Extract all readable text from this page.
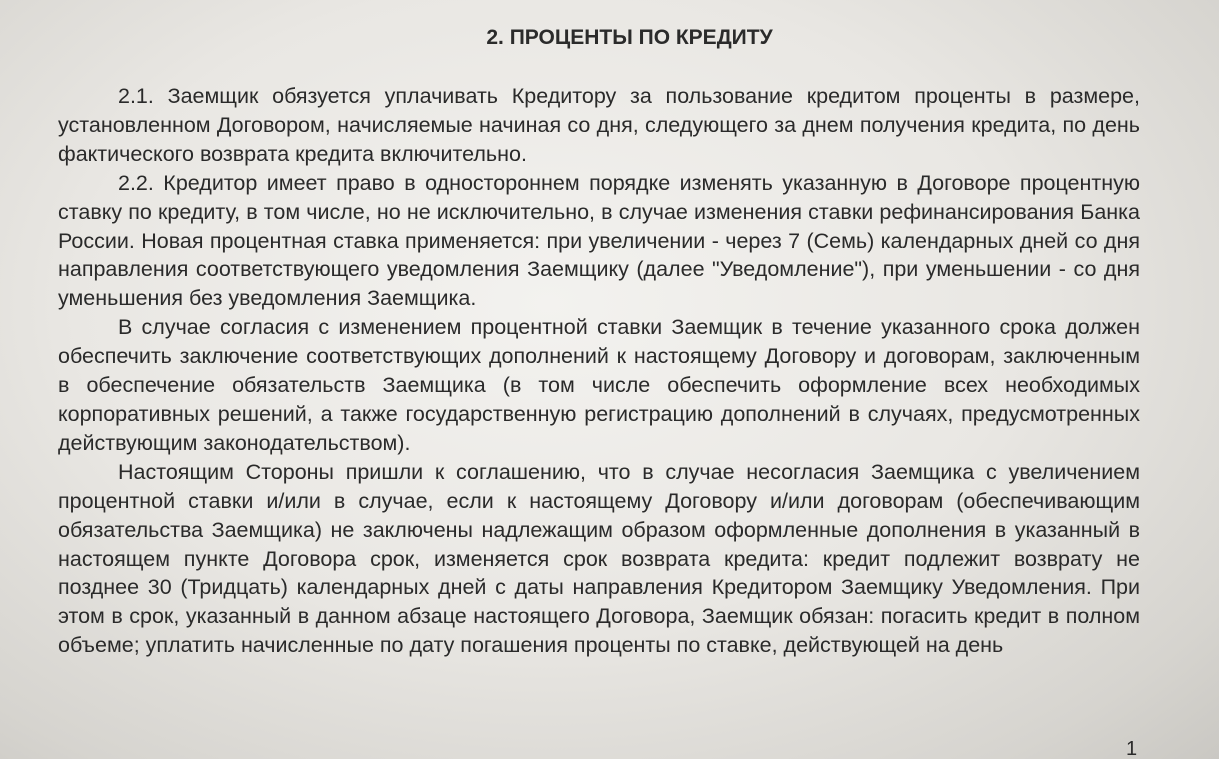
2. ПРОЦЕНТЫ ПО КРЕДИТУ

2.1. Заемщик обязуется уплачивать Кредитору за пользование кредитом проценты в размере, установленном Договором, начисляемые начиная со дня, следующего за днем получения кредита, по день фактического возврата кредита включительно.

2.2. Кредитор имеет право в одностороннем порядке изменять указанную в Договоре процентную ставку по кредиту, в том числе, но не исключительно, в случае изменения ставки рефинансирования Банка России. Новая процентная ставка применяется: при увеличении - через 7 (Семь) календарных дней со дня направления соответствующего уведомления Заемщику (далее "Уведомление"), при уменьшении - со дня уменьшения без уведомления Заемщика.

В случае согласия с изменением процентной ставки Заемщик в течение указанного срока должен обеспечить заключение соответствующих дополнений к настоящему Договору и договорам, заключенным в обеспечение обязательств Заемщика (в том числе обеспечить оформление всех необходимых корпоративных решений, а также государственную регистрацию дополнений в случаях, предусмотренных действующим законодательством).

Настоящим Стороны пришли к соглашению, что в случае несогласия Заемщика с увеличением процентной ставки и/или в случае, если к настоящему Договору и/или договорам (обеспечивающим обязательства Заемщика) не заключены надлежащим образом оформленные дополнения в указанный в настоящем пункте Договора срок, изменяется срок возврата кредита: кредит подлежит возврату не позднее 30 (Тридцать) календарных дней с даты направления Кредитором Заемщику Уведомления. При этом в срок, указанный в данном абзаце настоящего Договора, Заемщик обязан: погасить кредит в полном объеме; уплатить начисленные по дату погашения проценты по ставке, действующей на день

1
